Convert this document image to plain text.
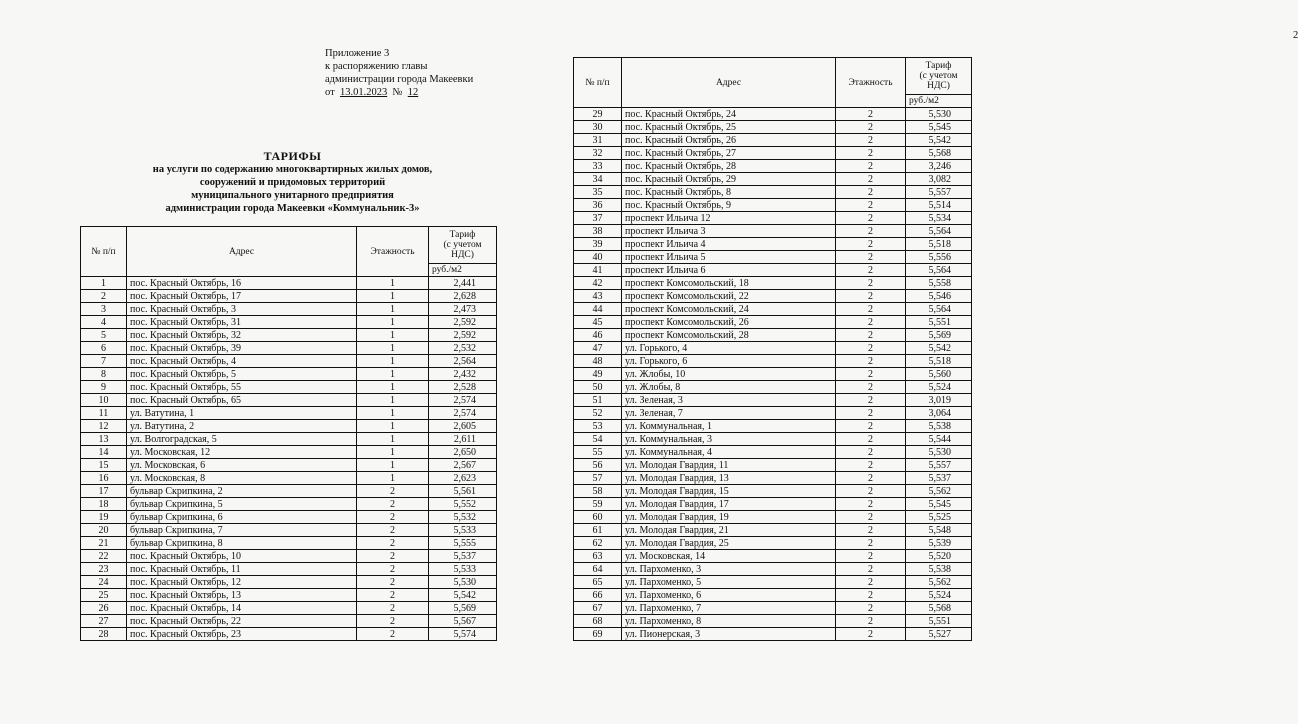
Приложение 3
к распоряжению главы
администрации города Макеевки
от 13.01.2023 № 12
ТАРИФЫ
на услуги по содержанию многоквартирных жилых домов,
сооружений и придомовых территорий
муниципального унитарного предприятия
администрации города Макеевки «Коммунальник-3»
№ п/п	Адрес	Этажность	Тариф
(с учетом
НДС)

			руб./м2
1	пос. Красный Октябрь, 16	1	2,441
2	пос. Красный Октябрь, 17	1	2,628
3	пос. Красный Октябрь, 3	1	2,473
4	пос. Красный Октябрь, 31	1	2,592
5	пос. Красный Октябрь, 32	1	2,592
6	пос. Красный Октябрь, 39	1	2,532
7	пос. Красный Октябрь, 4	1	2,564
8	пос. Красный Октябрь, 5	1	2,432
9	пос. Красный Октябрь, 55	1	2,528
10	пос. Красный Октябрь, 65	1	2,574
11	ул. Ватутина, 1	1	2,574
12	ул. Ватутина, 2	1	2,605
13	ул. Волгоградская, 5	1	2,611
14	ул. Московская, 12	1	2,650
15	ул. Московская, 6	1	2,567
16	ул. Московская, 8	1	2,623
17	бульвар Скрипкина, 2	2	5,561
18	бульвар Скрипкина, 5	2	5,552
19	бульвар Скрипкина, 6	2	5,532
20	бульвар Скрипкина, 7	2	5,533
21	бульвар Скрипкина, 8	2	5,555
22	пос. Красный Октябрь, 10	2	5,537
23	пос. Красный Октябрь, 11	2	5,533
24	пос. Красный Октябрь, 12	2	5,530
25	пос. Красный Октябрь, 13	2	5,542
26	пос. Красный Октябрь, 14	2	5,569
27	пос. Красный Октябрь, 22	2	5,567
28	пос. Красный Октябрь, 23	2	5,574
2
№ п/п	Адрес	Этажность	Тариф
(с учетом
НДС)

			руб./м2
29	пос. Красный Октябрь, 24	2	5,530
30	пос. Красный Октябрь, 25	2	5,545
31	пос. Красный Октябрь, 26	2	5,542
32	пос. Красный Октябрь, 27	2	5,568
33	пос. Красный Октябрь, 28	2	3,246
34	пос. Красный Октябрь, 29	2	3,082
35	пос. Красный Октябрь, 8	2	5,557
36	пос. Красный Октябрь, 9	2	5,514
37	проспект Ильича 12	2	5,534
38	проспект Ильича 3	2	5,564
39	проспект Ильича 4	2	5,518
40	проспект Ильича 5	2	5,556
41	проспект Ильича 6	2	5,564
42	проспект Комсомольский, 18	2	5,558
43	проспект Комсомольский, 22	2	5,546
44	проспект Комсомольский, 24	2	5,564
45	проспект Комсомольский, 26	2	5,551
46	проспект Комсомольский, 28	2	5,569
47	ул. Горького, 4	2	5,542
48	ул. Горького, 6	2	5,518
49	ул. Жлобы, 10	2	5,560
50	ул. Жлобы, 8	2	5,524
51	ул. Зеленая, 3	2	3,019
52	ул. Зеленая, 7	2	3,064
53	ул. Коммунальная, 1	2	5,538
54	ул. Коммунальная, 3	2	5,544
55	ул. Коммунальная, 4	2	5,530
56	ул. Молодая Гвардия, 11	2	5,557
57	ул. Молодая Гвардия, 13	2	5,537
58	ул. Молодая Гвардия, 15	2	5,562
59	ул. Молодая Гвардия, 17	2	5,545
60	ул. Молодая Гвардия, 19	2	5,525
61	ул. Молодая Гвардия, 21	2	5,548
62	ул. Молодая Гвардия, 25	2	5,539
63	ул. Московская, 14	2	5,520
64	ул. Пархоменко, 3	2	5,538
65	ул. Пархоменко, 5	2	5,562
66	ул. Пархоменко, 6	2	5,524
67	ул. Пархоменко, 7	2	5,568
68	ул. Пархоменко, 8	2	5,551
69	ул. Пионерская, 3	2	5,527
